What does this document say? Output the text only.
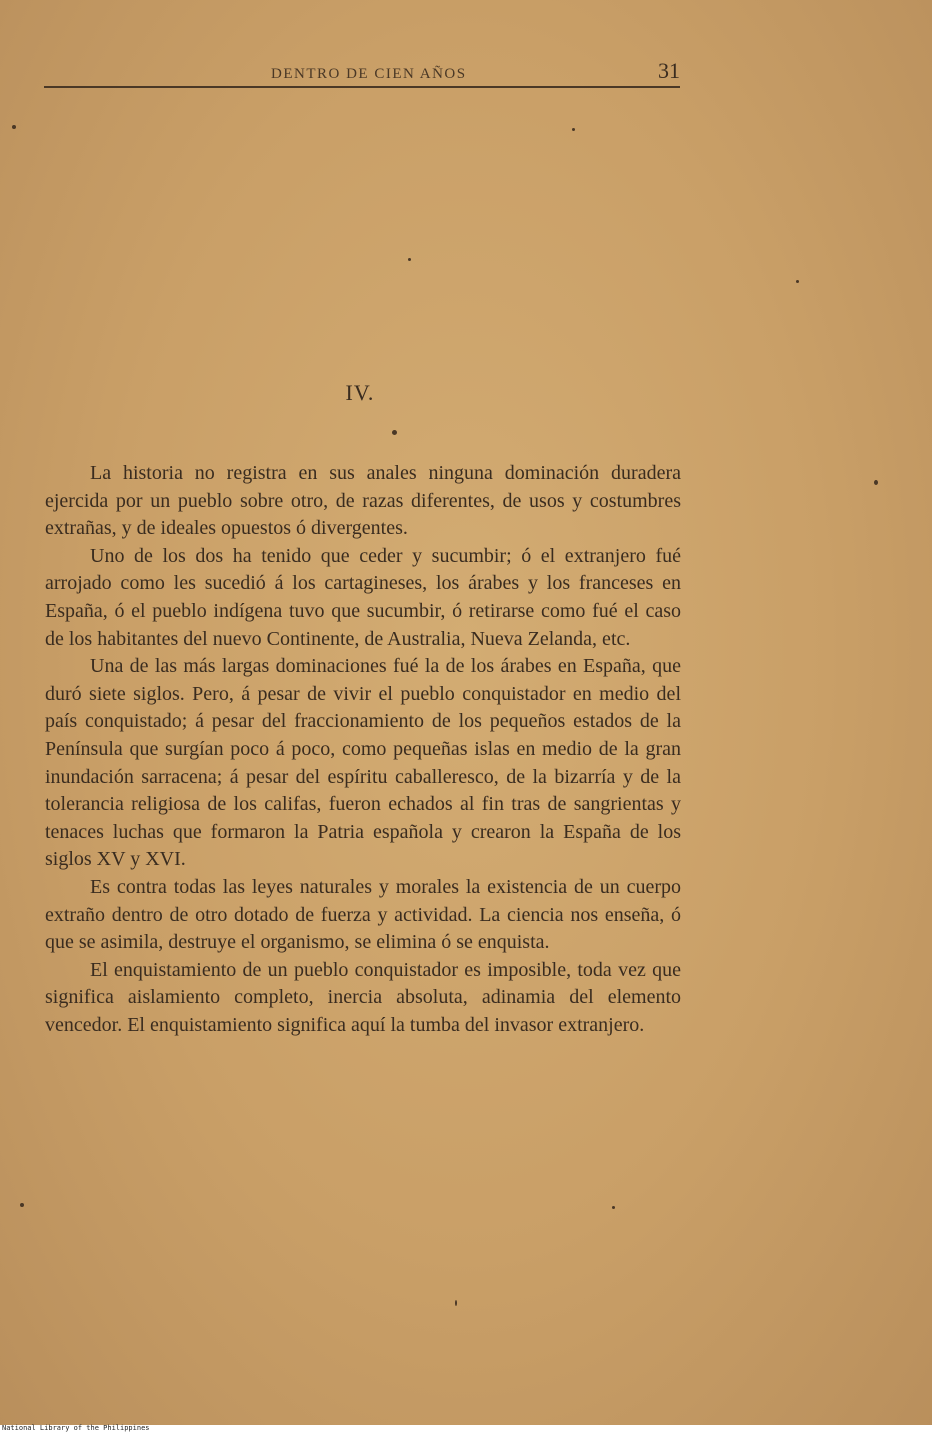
DENTRO DE CIEN AÑOS	31
IV.

La historia no registra en sus anales ninguna dominación duradera ejercida por un pueblo sobre otro, de razas diferentes, de usos y costumbres extrañas, y de ideales opuestos ó divergentes.

Uno de los dos ha tenido que ceder y sucumbir; ó el extranjero fué arrojado como les sucedió á los cartagineses, los árabes y los franceses en España, ó el pueblo indígena tuvo que sucumbir, ó retirarse como fué el caso de los habitantes del nuevo Continente, de Australia, Nueva Zelanda, etc.

Una de las más largas dominaciones fué la de los árabes en España, que duró siete siglos. Pero, á pesar de vivir el pueblo conquistador en medio del país conquistado; á pesar del fraccionamiento de los pequeños estados de la Península que surgían poco á poco, como pequeñas islas en medio de la gran inundación sarracena; á pesar del espíritu caballeresco, de la bizarría y de la tolerancia religiosa de los califas, fueron echados al fin tras de sangrientas y tenaces luchas que formaron la Patria española y crearon la España de los siglos XV y XVI.

Es contra todas las leyes naturales y morales la existencia de un cuerpo extraño dentro de otro dotado de fuerza y actividad. La ciencia nos enseña, ó que se asimila, destruye el organismo, se elimina ó se enquista.

El enquistamiento de un pueblo conquistador es imposible, toda vez que significa aislamiento completo, inercia absoluta, adinamia del elemento vencedor. El enquistamiento significa aquí la tumba del invasor extranjero.

National Library of the Philippines
